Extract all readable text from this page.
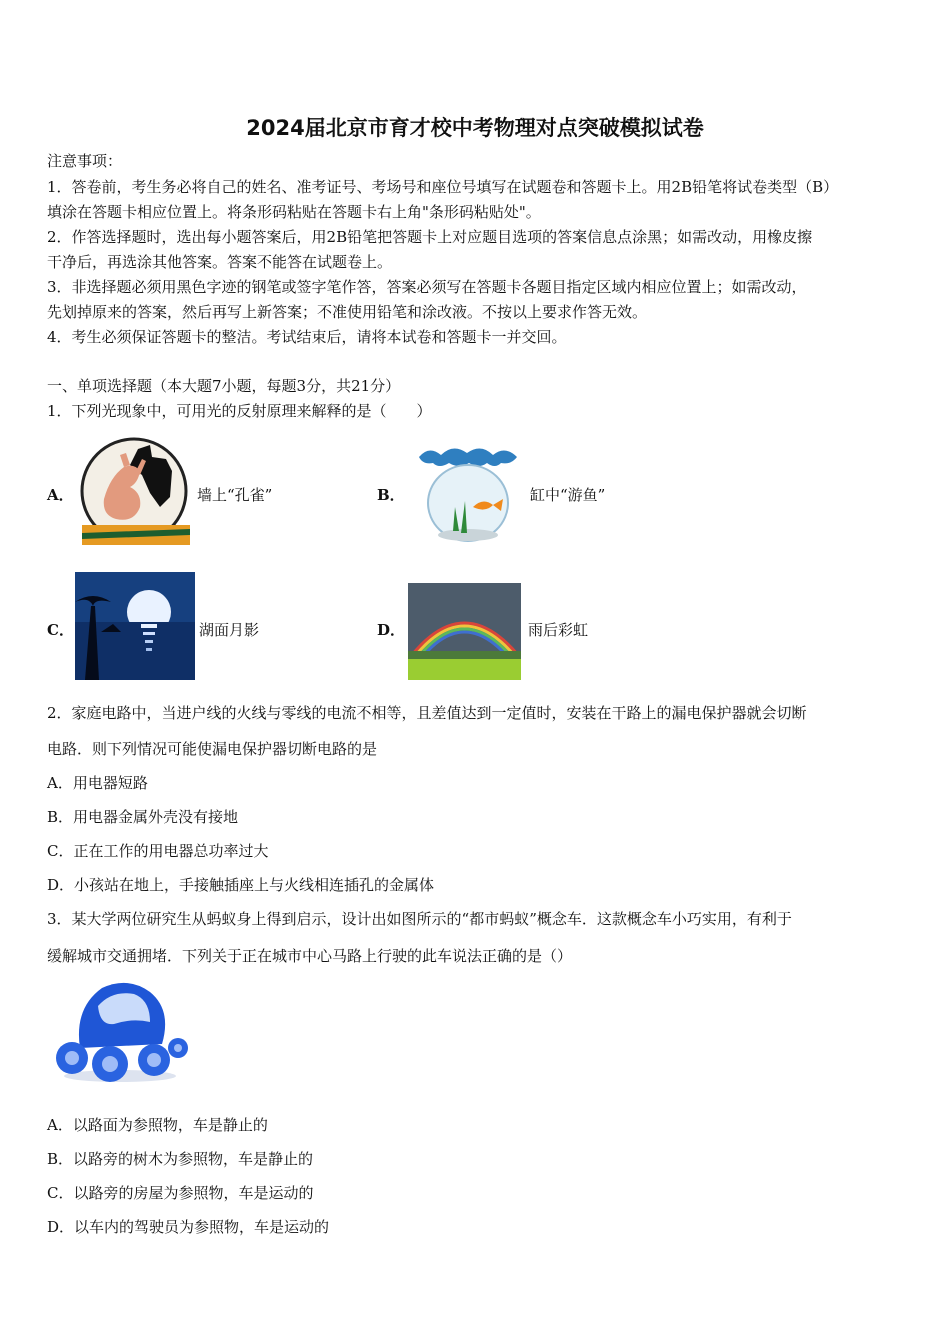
2024届北京市育才校中考物理对点突破模拟试卷
注意事项：
1．答卷前，考生务必将自己的姓名、准考证号、考场号和座位号填写在试题卷和答题卡上。用2B铅笔将试卷类型（B）
填涂在答题卡相应位置上。将条形码粘贴在答题卡右上角"条形码粘贴处"。
2．作答选择题时，选出每小题答案后，用2B铅笔把答题卡上对应题目选项的答案信息点涂黑；如需改动，用橡皮擦
干净后，再选涂其他答案。答案不能答在试题卷上。
3．非选择题必须用黑色字迹的钢笔或签字笔作答，答案必须写在答题卡各题目指定区域内相应位置上；如需改动，
先划掉原来的答案，然后再写上新答案；不准使用铅笔和涂改液。不按以上要求作答无效。
4．考生必须保证答题卡的整洁。考试结束后，请将本试卷和答题卡一并交回。
一、单项选择题（本大题7小题，每题3分，共21分）
1．下列光现象中，可用光的反射原理来解释的是（　　）
A．	墙上“孔雀”	B．	缸中“游鱼”
C．	湖面月影	D．	雨后彩虹
2．家庭电路中，当进户线的火线与零线的电流不相等，且差值达到一定值时，安装在干路上的漏电保护器就会切断
电路．则下列情况可能使漏电保护器切断电路的是
A．用电器短路
B．用电器金属外壳没有接地
C．正在工作的用电器总功率过大
D．小孩站在地上，手接触插座上与火线相连插孔的金属体
3．某大学两位研究生从蚂蚁身上得到启示，设计出如图所示的“都市蚂蚁”概念车．这款概念车小巧实用，有利于
缓解城市交通拥堵．下列关于正在城市中心马路上行驶的此车说法正确的是（）
A．以路面为参照物，车是静止的
B．以路旁的树木为参照物，车是静止的
C．以路旁的房屋为参照物，车是运动的
D．以车内的驾驶员为参照物，车是运动的
